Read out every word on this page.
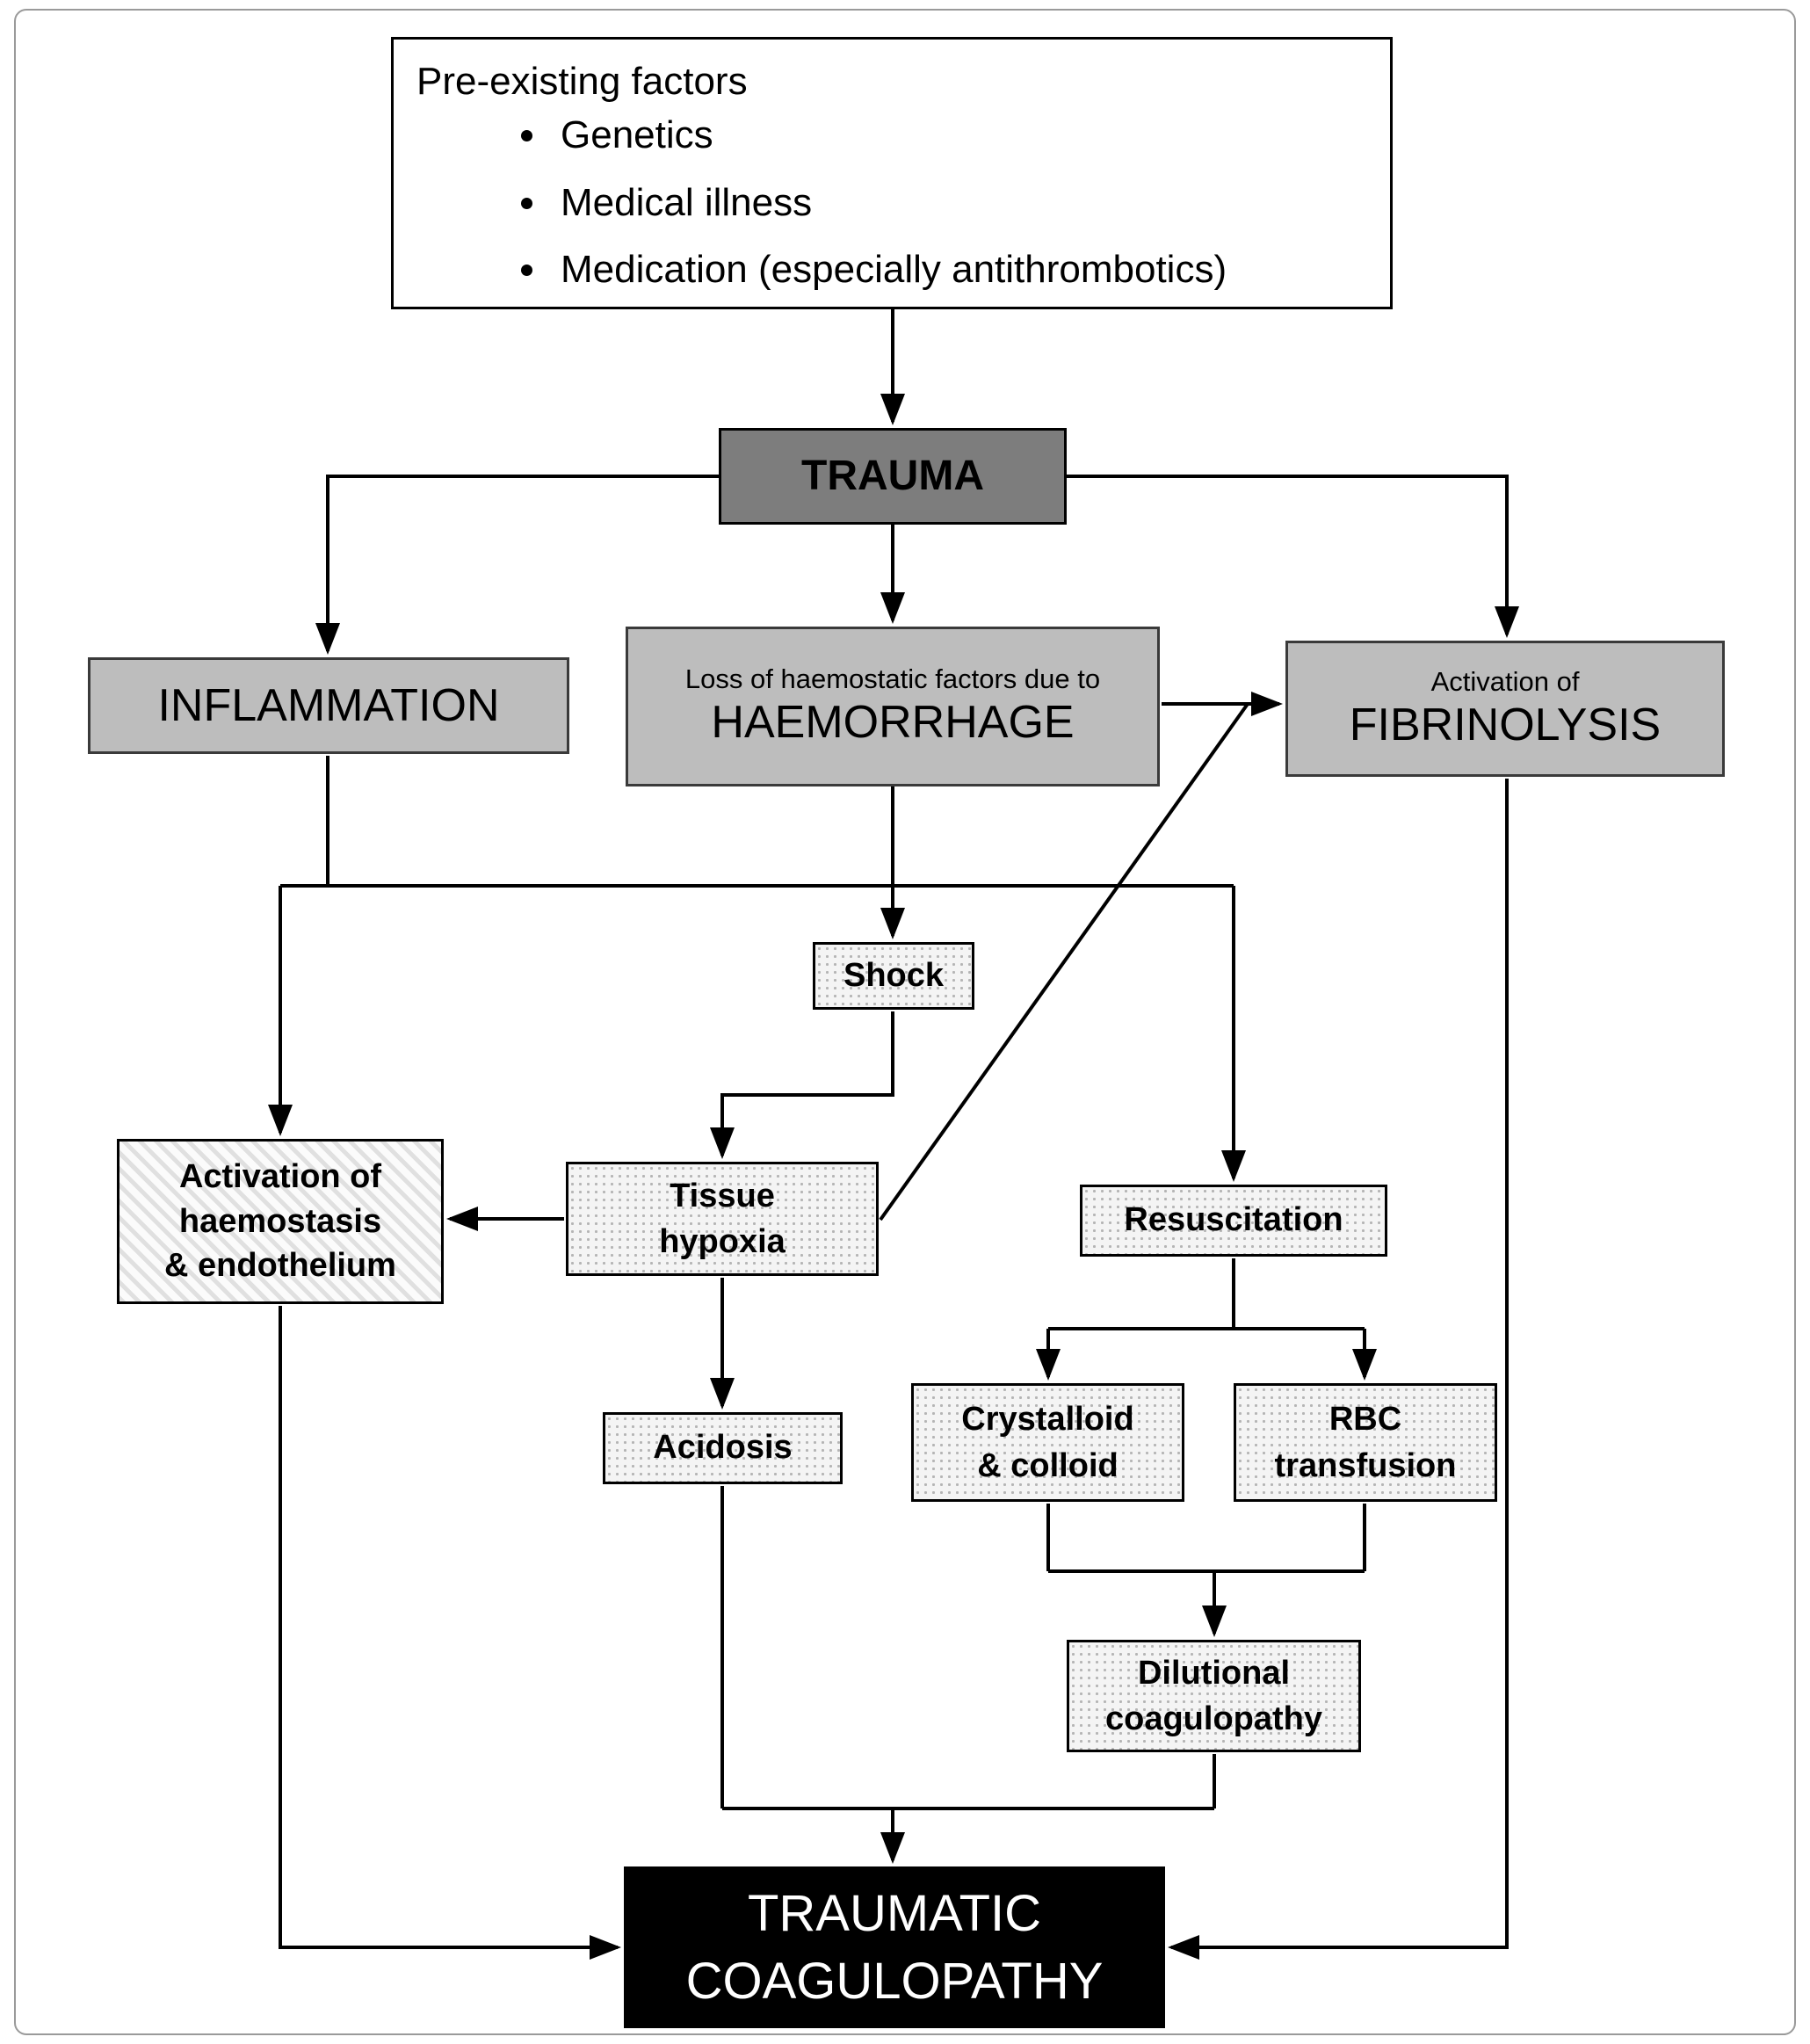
Pre-existing factors
• Genetics
• Medical illness
• Medication (especially antithrombotics)
TRAUMA
INFLAMMATION
Loss of haemostatic factors due to
HAEMORRHAGE
Activation of
FIBRINOLYSIS
Shock
Activation of
haemostasis
& endothelium
Tissue
hypoxia
Resuscitation
Acidosis
Crystalloid
& colloid
RBC
transfusion
Dilutional
coagulopathy
TRAUMATIC
COAGULOPATHY
